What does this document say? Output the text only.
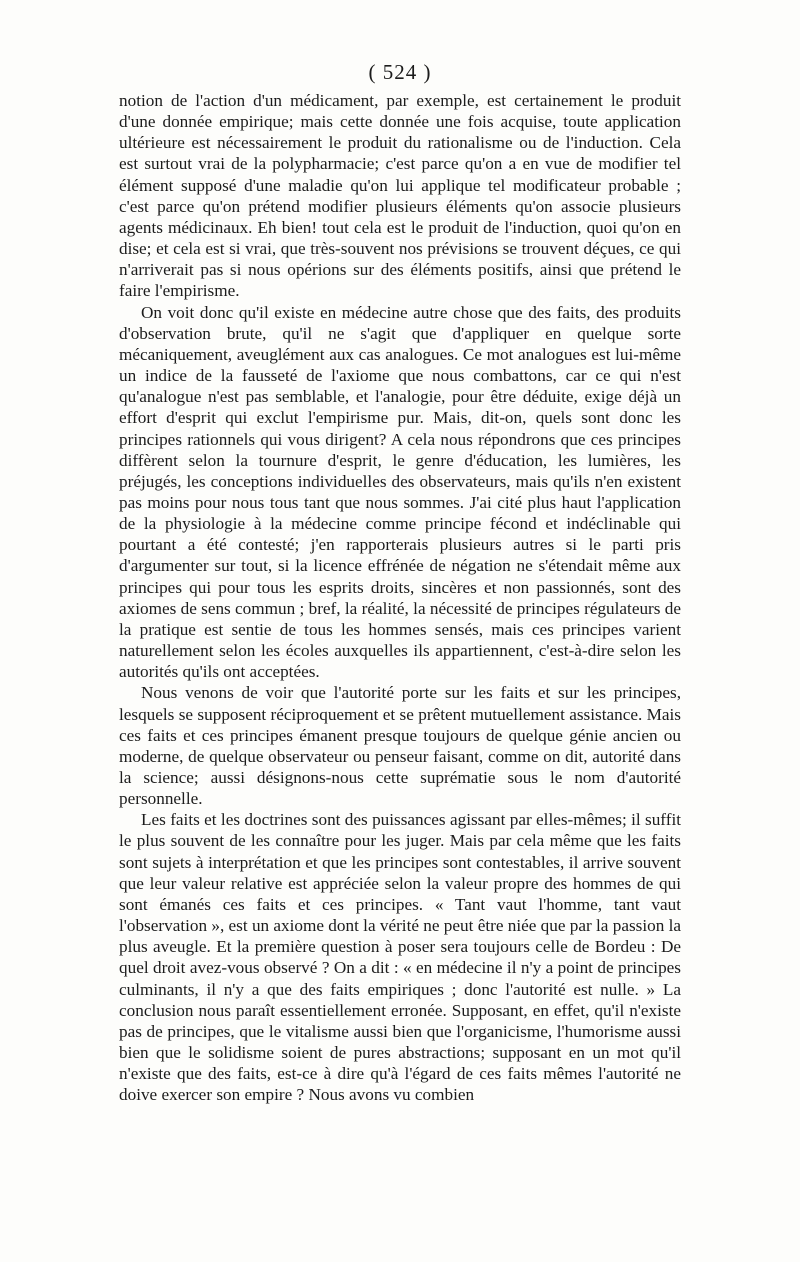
( 524 )

notion de l'action d'un médicament, par exemple, est certainement le produit d'une donnée empirique; mais cette donnée une fois acquise, toute application ultérieure est nécessairement le produit du rationalisme ou de l'induction. Cela est surtout vrai de la polypharmacie; c'est parce qu'on a en vue de modifier tel élément supposé d'une maladie qu'on lui applique tel modificateur probable ; c'est parce qu'on prétend modifier plusieurs éléments qu'on associe plusieurs agents médicinaux. Eh bien! tout cela est le produit de l'induction, quoi qu'on en dise; et cela est si vrai, que très-souvent nos prévisions se trouvent déçues, ce qui n'arriverait pas si nous opérions sur des éléments positifs, ainsi que prétend le faire l'empirisme.

On voit donc qu'il existe en médecine autre chose que des faits, des produits d'observation brute, qu'il ne s'agit que d'appliquer en quelque sorte mécaniquement, aveuglément aux cas analogues. Ce mot analogues est lui-même un indice de la fausseté de l'axiome que nous combattons, car ce qui n'est qu'analogue n'est pas semblable, et l'analogie, pour être déduite, exige déjà un effort d'esprit qui exclut l'empirisme pur. Mais, dit-on, quels sont donc les principes rationnels qui vous dirigent? A cela nous répondrons que ces principes diffèrent selon la tournure d'esprit, le genre d'éducation, les lumières, les préjugés, les conceptions individuelles des observateurs, mais qu'ils n'en existent pas moins pour nous tous tant que nous sommes. J'ai cité plus haut l'application de la physiologie à la médecine comme principe fécond et indéclinable qui pourtant a été contesté; j'en rapporterais plusieurs autres si le parti pris d'argumenter sur tout, si la licence effrénée de négation ne s'étendait même aux principes qui pour tous les esprits droits, sincères et non passionnés, sont des axiomes de sens commun ; bref, la réalité, la nécessité de principes régulateurs de la pratique est sentie de tous les hommes sensés, mais ces principes varient naturellement selon les écoles auxquelles ils appartiennent, c'est-à-dire selon les autorités qu'ils ont acceptées.

Nous venons de voir que l'autorité porte sur les faits et sur les principes, lesquels se supposent réciproquement et se prêtent mutuellement assistance. Mais ces faits et ces principes émanent presque toujours de quelque génie ancien ou moderne, de quelque observateur ou penseur faisant, comme on dit, autorité dans la science; aussi désignons-nous cette suprématie sous le nom d'autorité personnelle.

Les faits et les doctrines sont des puissances agissant par elles-mêmes; il suffit le plus souvent de les connaître pour les juger. Mais par cela même que les faits sont sujets à interprétation et que les principes sont contestables, il arrive souvent que leur valeur relative est appréciée selon la valeur propre des hommes de qui sont émanés ces faits et ces principes. « Tant vaut l'homme, tant vaut l'observation », est un axiome dont la vérité ne peut être niée que par la passion la plus aveugle. Et la première question à poser sera toujours celle de Bordeu : De quel droit avez-vous observé ? On a dit : « en médecine il n'y a point de principes culminants, il n'y a que des faits empiriques ; donc l'autorité est nulle. » La conclusion nous paraît essentiellement erronée. Supposant, en effet, qu'il n'existe pas de principes, que le vitalisme aussi bien que l'organicisme, l'humorisme aussi bien que le solidisme soient de pures abstractions; supposant en un mot qu'il n'existe que des faits, est-ce à dire qu'à l'égard de ces faits mêmes l'autorité ne doive exercer son empire ? Nous avons vu combien
